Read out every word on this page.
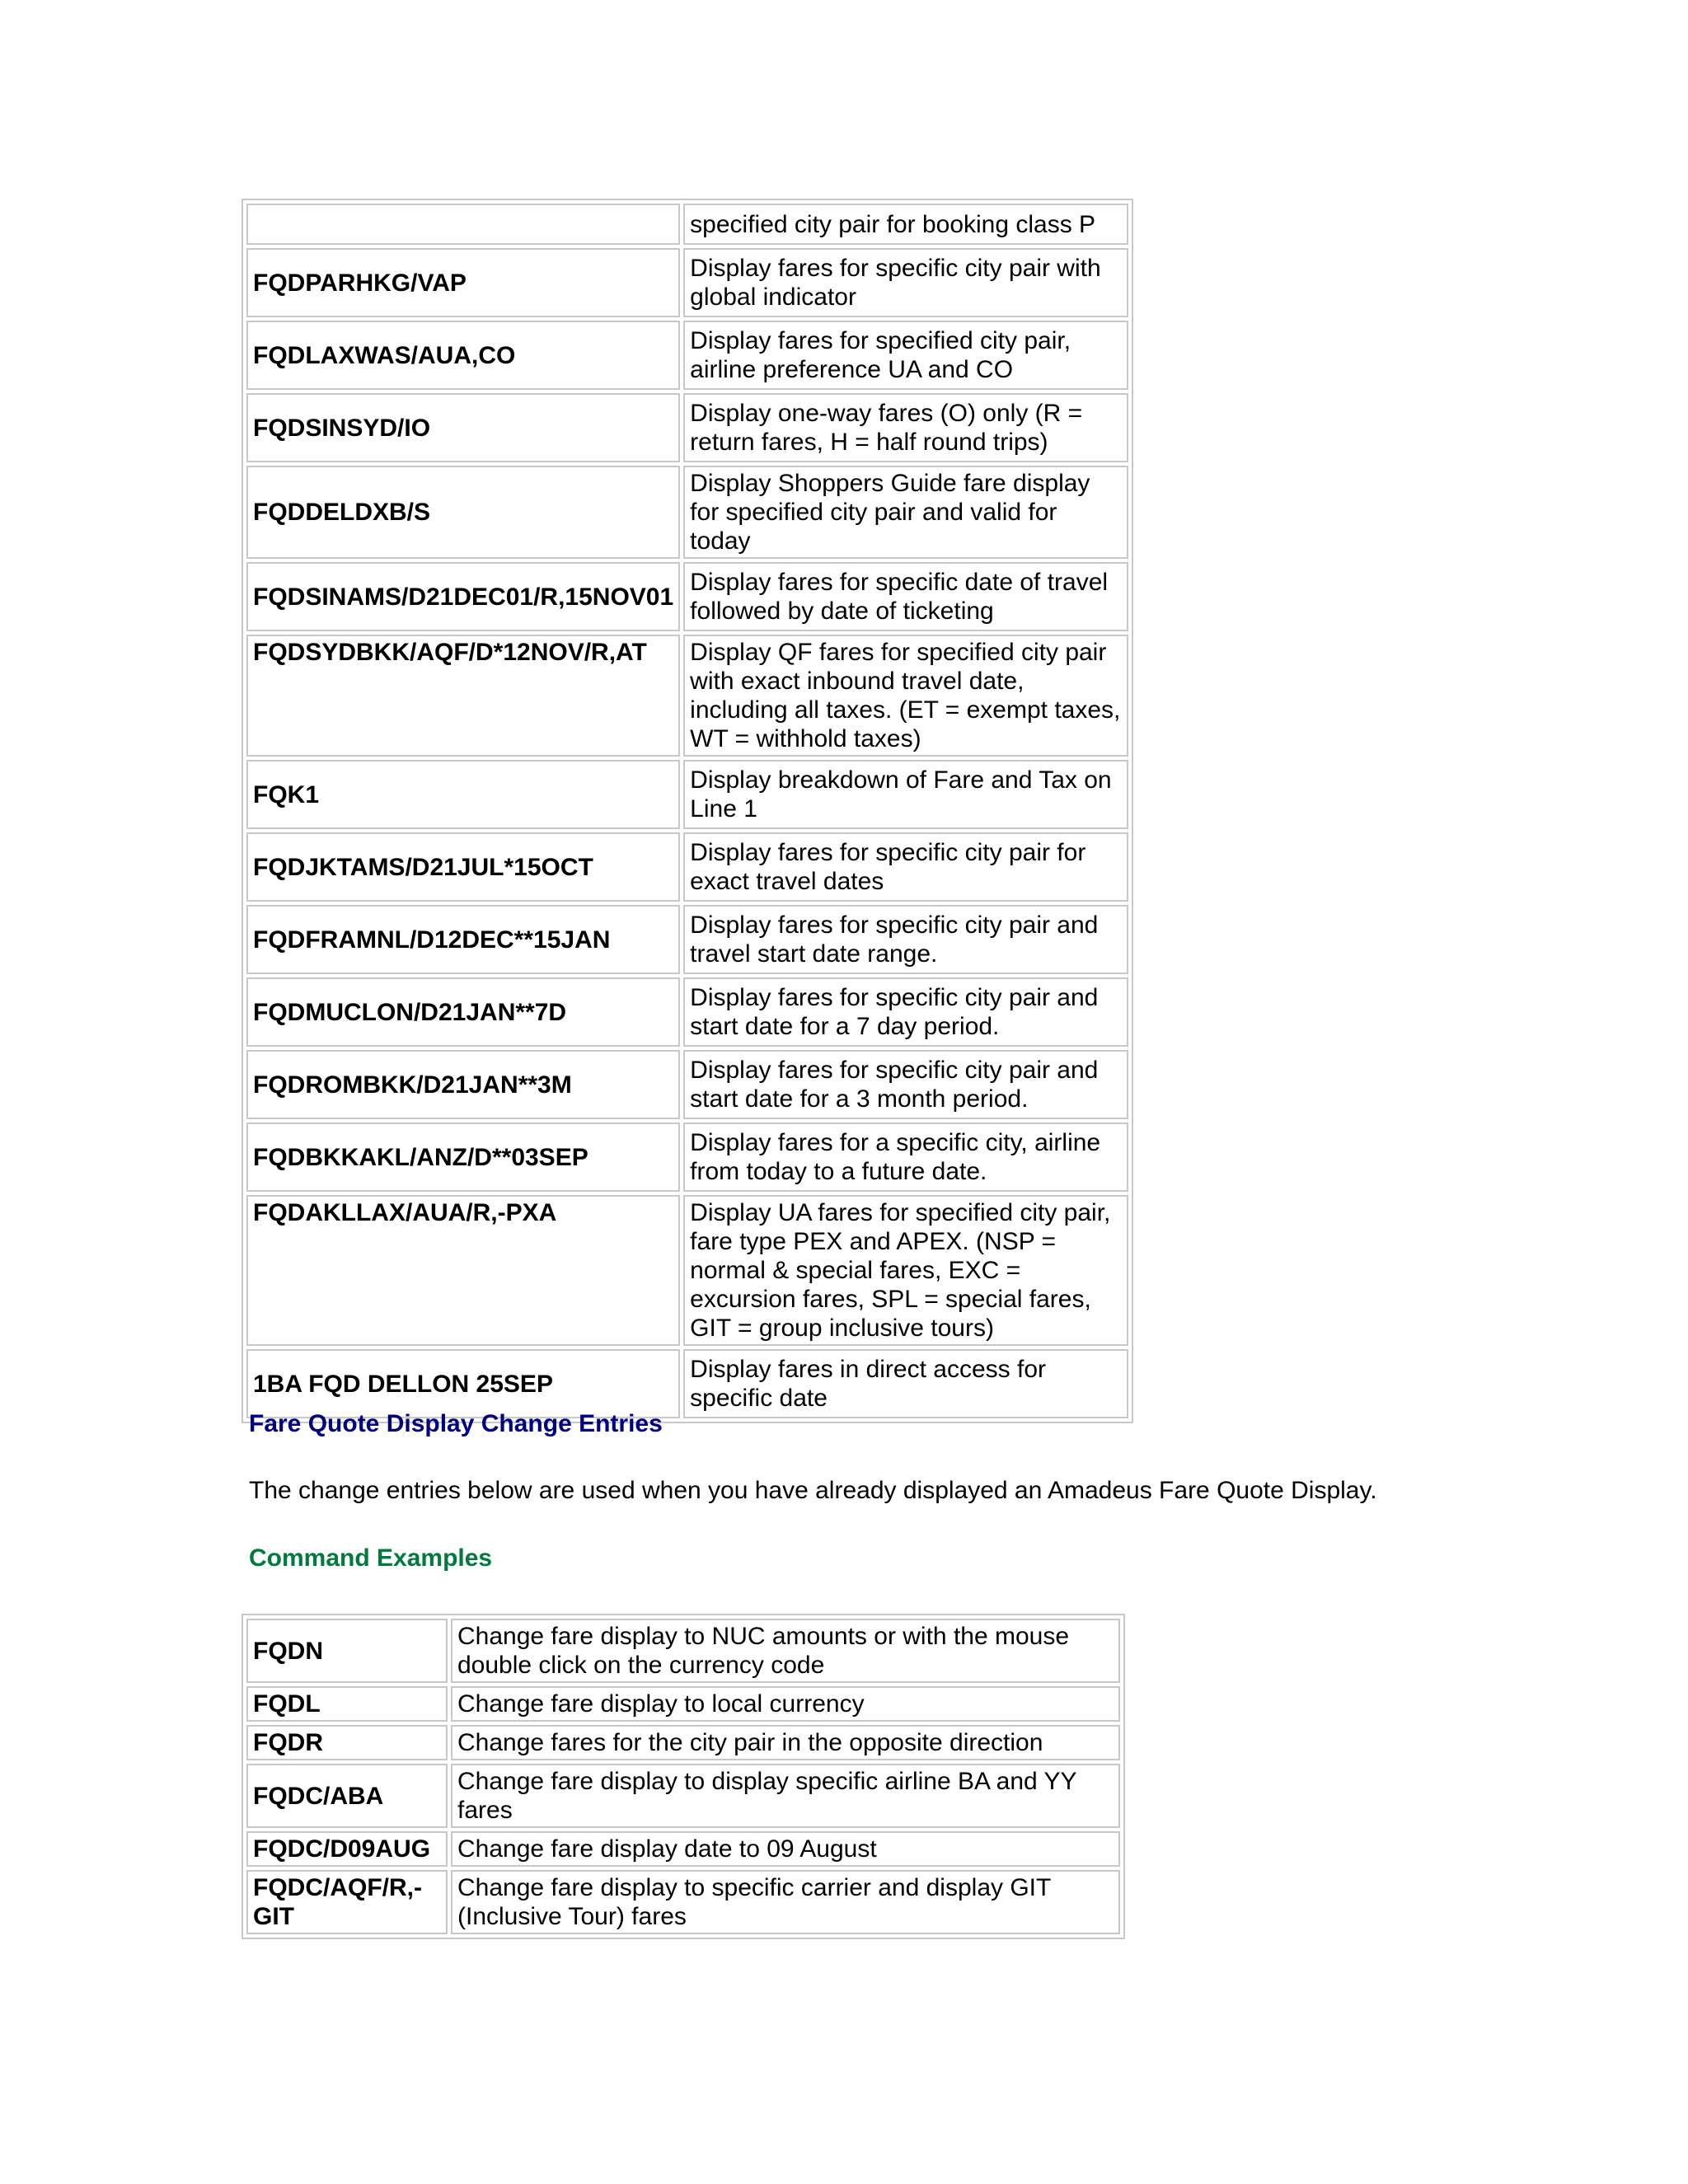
	specified city pair for booking class P
FQDPARHKG/VAP	Display fares for specific city pair with global indicator
FQDLAXWAS/AUA,CO	Display fares for specified city pair, airline preference UA and CO
FQDSINSYD/IO	Display one-way fares (O) only (R = return fares, H = half round trips)
FQDDELDXB/S	Display Shoppers Guide fare display for specified city pair and valid for today
FQDSINAMS/D21DEC01/R,15NOV01	Display fares for specific date of travel followed by date of ticketing
FQDSYDBKK/AQF/D*12NOV/R,AT	Display QF fares for specified city pair with exact inbound travel date, including all taxes. (ET = exempt taxes, WT = withhold taxes)
FQK1	Display breakdown of Fare and Tax on Line 1
FQDJKTAMS/D21JUL*15OCT	Display fares for specific city pair for exact travel dates
FQDFRAMNL/D12DEC**15JAN	Display fares for specific city pair and travel start date range.
FQDMUCLON/D21JAN**7D	Display fares for specific city pair and start date for a 7 day period.
FQDROMBKK/D21JAN**3M	Display fares for specific city pair and start date for a 3 month period.
FQDBKKAKL/ANZ/D**03SEP	Display fares for a specific city, airline from today to a future date.
FQDAKLLAX/AUA/R,-PXA	Display UA fares for specified city pair, fare type PEX and APEX. (NSP = normal & special fares, EXC = excursion fares, SPL = special fares, GIT = group inclusive tours)
1BA FQD DELLON 25SEP	Display fares in direct access for specific date

Fare Quote Display Change Entries

The change entries below are used when you have already displayed an Amadeus Fare Quote Display.

Command Examples

FQDN	Change fare display to NUC amounts or with the mouse double click on the currency code
FQDL	Change fare display to local currency
FQDR	Change fares for the city pair in the opposite direction
FQDC/ABA	Change fare display to display specific airline BA and YY fares
FQDC/D09AUG	Change fare display date to 09 August
FQDC/AQF/R,-GIT	Change fare display to specific carrier and display GIT (Inclusive Tour) fares
